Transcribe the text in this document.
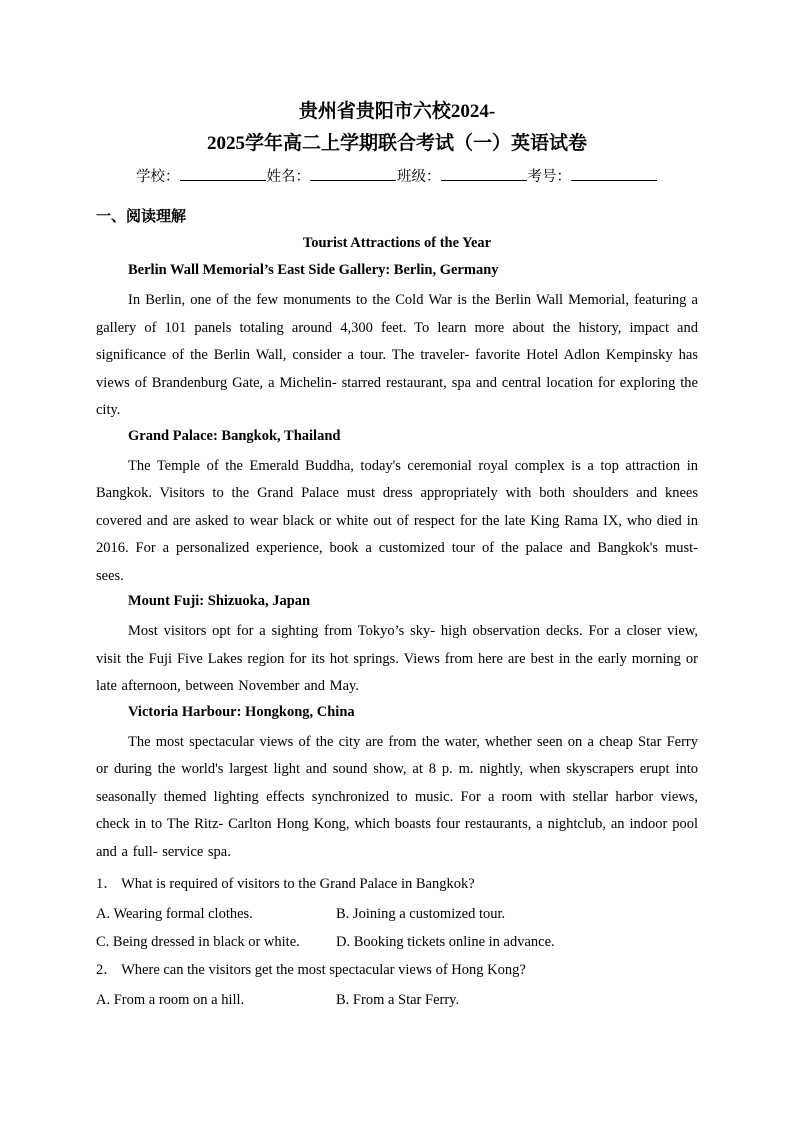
贵州省贵阳市六校2024-

2025学年高二上学期联合考试（一）英语试卷

学校：	姓名：	班级：	考号：

一、阅读理解

Tourist Attractions of the Year

Berlin Wall Memorial’s East Side Gallery: Berlin, Germany

In Berlin, one of the few monuments to the Cold War is the Berlin Wall Memorial, featuring a gallery of 101 panels totaling around 4,300 feet. To learn more about the history, impact and significance of the Berlin Wall, consider a tour. The traveler- favorite Hotel Adlon Kempinsky has views of Brandenburg Gate, a Michelin- starred restaurant, spa and central location for exploring the city.

Grand Palace: Bangkok, Thailand

The Temple of the Emerald Buddha, today's ceremonial royal complex is a top attraction in Bangkok. Visitors to the Grand Palace must dress appropriately with both shoulders and knees covered and are asked to wear black or white out of respect for the late King Rama IX, who died in 2016. For a personalized experience, book a customized tour of the palace and Bangkok's must- sees.

Mount Fuji: Shizuoka, Japan

Most visitors opt for a sighting from Tokyo’s sky- high observation decks. For a closer view, visit the Fuji Five Lakes region for its hot springs. Views from here are best in the early morning or late afternoon, between November and May.

Victoria Harbour: Hongkong, China

The most spectacular views of the city are from the water, whether seen on a cheap Star Ferry or during the world's largest light and sound show, at 8 p. m. nightly, when skyscrapers erupt into seasonally themed lighting effects synchronized to music. For a room with stellar harbor views, check in to The Ritz- Carlton Hong Kong, which boasts four restaurants, a nightclub, an indoor pool and a full- service spa.

1． What is required of visitors to the Grand Palace in Bangkok?

A. Wearing formal clothes.	B. Joining a customized tour.
C. Being dressed in black or white.	D. Booking tickets online in advance.

2． Where can the visitors get the most spectacular views of Hong Kong?

A. From a room on a hill.	B. From a Star Ferry.
